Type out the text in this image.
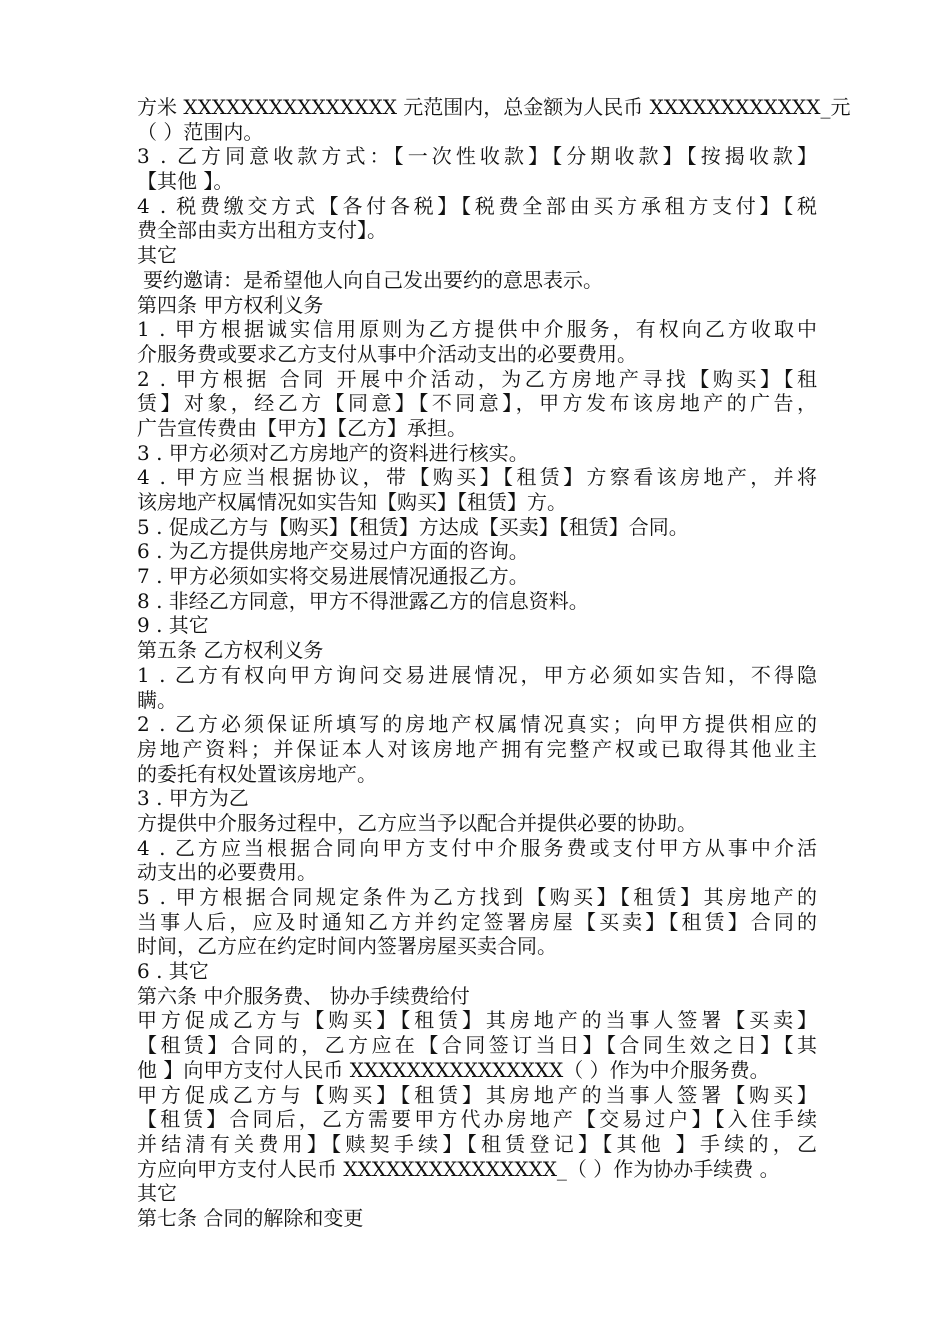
方米 XXXXXXXXXXXXXXX 元范围内，总金额为人民币 XXXXXXXXXXXX_元
（ ）范围内。
3 . 乙方同意收款方式：【一次性收款】【分期收款】【按揭收款】
【其他 】。
4 . 税费缴交方式【各付各税】【税费全部由买方承租方支付】【税
费全部由卖方出租方支付】。
其它
要约邀请：是希望他人向自己发出要约的意思表示。
第四条 甲方权利义务
1 . 甲方根据诚实信用原则为乙方提供中介服务，有权向乙方收取中
介服务费或要求乙方支付从事中介活动支出的必要费用。
2 . 甲方根据 合同 开展中介活动，为乙方房地产寻找【购买】【租
赁】对象，经乙方【同意】【不同意】，甲方发布该房地产的广告，
广告宣传费由【甲方】【乙方】承担。
3 . 甲方必须对乙方房地产的资料进行核实。
4 . 甲方应当根据协议，带【购买】【租赁】方察看该房地产，并将
该房地产权属情况如实告知【购买】【租赁】方。
5 . 促成乙方与【购买】【租赁】方达成【买卖】【租赁】合同。
6 . 为乙方提供房地产交易过户方面的咨询。
7 . 甲方必须如实将交易进展情况通报乙方。
8 . 非经乙方同意，甲方不得泄露乙方的信息资料。
9 . 其它
第五条 乙方权利义务
1 . 乙方有权向甲方询问交易进展情况，甲方必须如实告知，不得隐
瞒。
2 . 乙方必须保证所填写的房地产权属情况真实；向甲方提供相应的
房地产资料；并保证本人对该房地产拥有完整产权或已取得其他业主
的委托有权处置该房地产。
3 . 甲方为乙
方提供中介服务过程中，乙方应当予以配合并提供必要的协助。
4 . 乙方应当根据合同向甲方支付中介服务费或支付甲方从事中介活
动支出的必要费用。
5 . 甲方根据合同规定条件为乙方找到【购买】【租赁】其房地产的
当事人后，应及时通知乙方并约定签署房屋【买卖】【租赁】合同的
时间，乙方应在约定时间内签署房屋买卖合同。
6 . 其它
第六条 中介服务费、 协办手续费给付
甲方促成乙方与【购买】【租赁】其房地产的当事人签署【买卖】
【租赁】合同的，乙方应在【合同签订当日】【合同生效之日】【其
他 】向甲方支付人民币 XXXXXXXXXXXXXXX（ ）作为中介服务费。
甲方促成乙方与【购买】【租赁】其房地产的当事人签署【购买】
【租赁】合同后，乙方需要甲方代办房地产【交易过户】【入住手续
并结清有关费用】【赎契手续】【租赁登记】【其他 】手续的，乙
方应向甲方支付人民币 XXXXXXXXXXXXXXX_（ ）作为协办手续费 。
其它
第七条 合同的解除和变更
